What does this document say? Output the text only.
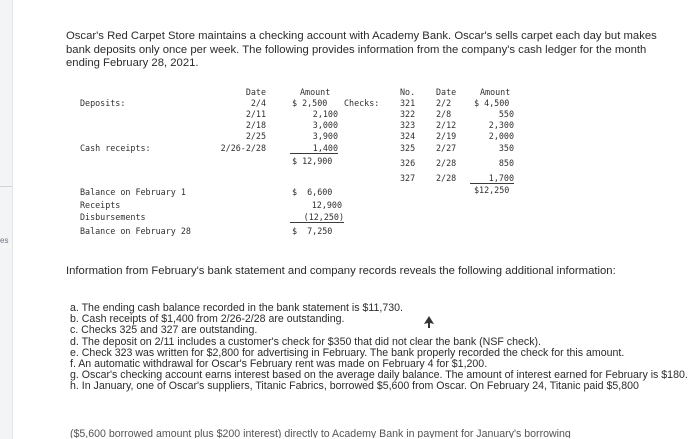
es
Oscar's Red Carpet Store maintains a checking account with Academy Bank. Oscar's sells carpet each day but makes bank deposits only once per week. The following provides information from the company's cash ledger for the month ending February 28, 2021.
Deposits:
Cash receipts:
Date	Amount
Checks:
2/4
2/11
2/18
2/25
2/26-2/28
$ 2,500
2,100
3,000
3,900
1,400
$ 12,900
No. Date	Amount
321
322
323
324
325
326
327
2/2
2/8
2/12
2/19
2/27
2/28
2/28
$ 4,500
550
2,300
2,000
350
850
1,700
$12,250
Balance on February 1
Receipts
Disbursements
Balance on February 28
$  6,600
12,900
(12,250)
$  7,250
Information from February's bank statement and company records reveals the following additional information:
a. The ending cash balance recorded in the bank statement is $11,730.
b. Cash receipts of $1,400 from 2/26-2/28 are outstanding.
c. Checks 325 and 327 are outstanding.
d. The deposit on 2/11 includes a customer's check for $350 that did not clear the bank (NSF check).
e. Check 323 was written for $2,800 for advertising in February. The bank properly recorded the check for this amount.
f. An automatic withdrawal for Oscar's February rent was made on February 4 for $1,200.
g. Oscar's checking account earns interest based on the average daily balance. The amount of interest earned for February is $180.
h. In January, one of Oscar's suppliers, Titanic Fabrics, borrowed $5,600 from Oscar. On February 24, Titanic paid $5,800
($5,600 borrowed amount plus $200 interest) directly to Academy Bank in payment for January's borrowing
